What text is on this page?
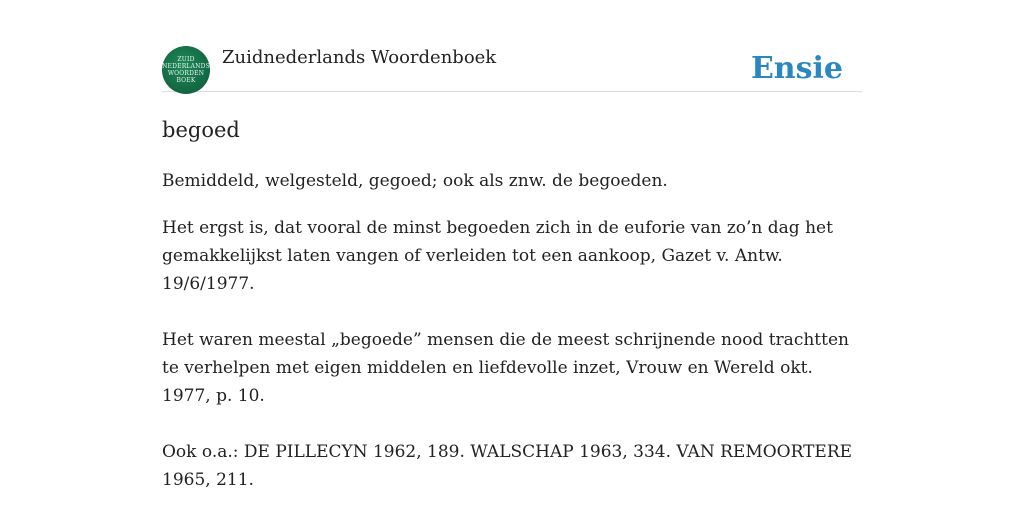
ZUID
NEDERLANDS
WOORDEN
BOEK
Zuidnederlands Woordenboek	Ensie
begoed

Bemiddeld, welgesteld, gegoed; ook als znw. de begoeden.

Het ergst is, dat vooral de minst begoeden zich in de euforie van zo’n dag het gemakkelijkst laten vangen of verleiden tot een aankoop, Gazet v. Antw. 19/6/1977.

Het waren meestal „begoede” mensen die de meest schrijnende nood trachtten te verhelpen met eigen middelen en liefdevolle inzet, Vrouw en Wereld okt. 1977, p. 10.

Ook o.a.: DE PILLECYN 1962, 189. WALSCHAP 1963, 334. VAN REMOORTERE 1965, 211.
